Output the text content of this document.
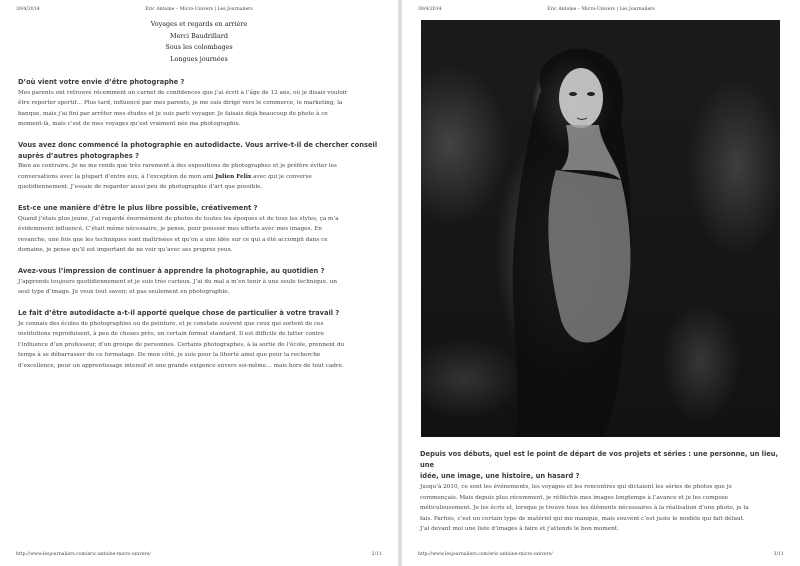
30/4/2014	Éric Antoine – Micro-Univers | Les Journaliers
Voyages et regards en arrière
Merci Baudrillard
Sous les colombages
Longues journées

D’où vient votre envie d’être photographe ?

Mes parents ont retrouvé récemment un carnet de confidences que j’ai écrit à l’âge de 12 ans, où je disais vouloir
être reporter sportif… Plus tard, influencé par mes parents, je me suis dirigé vers le commerce, le marketing, la
banque, mais j’ai fini par arrêter mes études et je suis parti voyager. Je faisais déjà beaucoup de photo à ce
moment-là, mais c’est de mes voyages qu’est vraiment née ma photographie.

Vous avez donc commencé la photographie en autodidacte. Vous arrive-t-il de chercher conseil
auprès d’autres photographes ?

Bien au contraire. Je ne me rends que très rarement à des expositions de photographes et je préfère éviter les
conversations avec la plupart d’entre eux, à l’exception de mon ami Julien Felix avec qui je converse
quotidiennement. J’essaie de regarder aussi peu de photographie d’art que possible.

Est-ce une manière d’être le plus libre possible, créativement ?

Quand j’étais plus jeune, j’ai regardé énormément de photos de toutes les époques et de tous les styles, ça m’a
évidemment influencé. C’était même nécessaire, je pense, pour pousser mes efforts avec mes images. En
revanche, une fois que les techniques sont maîtrisées et qu’on a une idée sur ce qui a été accompli dans ce
domaine, je pense qu’il est important de ne voir qu’avec ses propres yeux.

Avez-vous l’impression de continuer à apprendre la photographie, au quotidien ?

J’apprends toujours quotidiennement et je suis très curieux. J’ai du mal a m’en tenir à une seule technique, un
seul type d’image. Je veux tout savoir, et pas seulement en photographie.

Le fait d’être autodidacte a-t-il apporté quelque chose de particulier à votre travail ?

Je connais des écoles de photographies ou de peinture, et je constate souvent que ceux qui sortent de ces
institutions reproduisent, à peu de choses près, un certain format standard. Il est difficile de lutter contre
l’influence d’un professeur, d’un groupe de personnes. Certains photographes, à la sortie de l’école, prennent du
temps à se débarrasser de ce formatage. De mon côté, je suis pour la liberté ainsi que pour la recherche
d’excellence, pour un apprentissage intensif et une grande exigence envers soi-même… mais hors de tout cadre.

http://www.lesjournaliers.com/eric-antoine-micro-univers/	2/11
30/4/2014	Éric Antoine – Micro-Univers | Les Journaliers

Depuis vos débuts, quel est le point de départ de vos projets et séries : une personne, un lieu, une
idée, une image, une histoire, un hasard ?

Jusqu’à 2010, ce sont les événements, les voyages et les rencontres qui dictaient les séries de photos que je
commençais. Mais depuis plus récemment, je réfléchis mes images longtemps à l’avance et je les compose
méticuleusement. Je les écris et, lorsque je trouve tous les éléments nécessaires à la réalisation d’une photo, je la
fais. Parfois, c’est un certain type de matériel qui me manque, mais souvent c’est juste le modèle qui fait défaut.
J’ai devant moi une liste d’images à faire et j’attends le bon moment.

http://www.lesjournaliers.com/eric-antoine-micro-univers/	3/11
